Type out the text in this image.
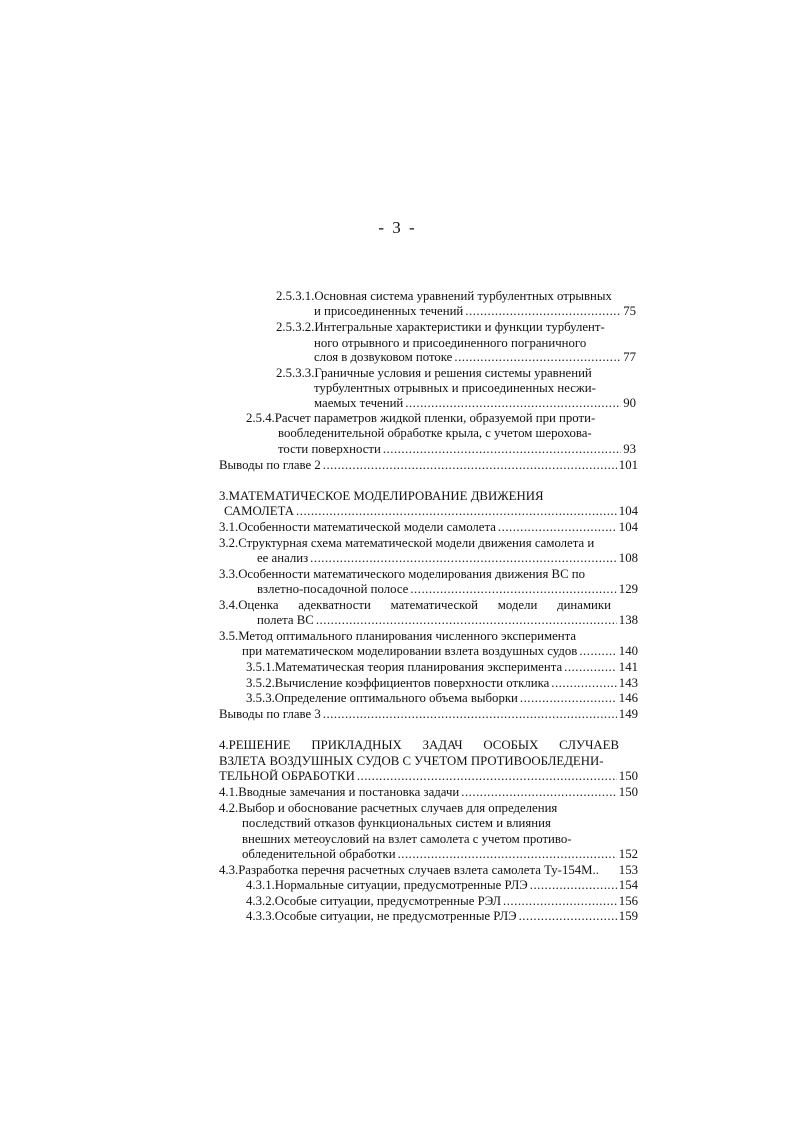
- 3 -
2.5.3.1.Основная система уравнений турбулентных отрывных
и присоединенных течений .....	75
2.5.3.2.Интегральные характеристики и функции турбулент-
ного отрывного и присоединенного пограничного
слоя в дозвуковом потоке .....	77
2.5.3.3.Граничные условия и решения системы уравнений
турбулентных отрывных и присоединенных несжи-
маемых течений .....	90
2.5.4.Расчет параметров жидкой пленки, образуемой при проти-
вообледенительной обработке крыла, с учетом шерохова-
тости поверхности .....	93
Выводы по главе 2 .....	101
3.МАТЕМАТИЧЕСКОЕ МОДЕЛИРОВАНИЕ ДВИЖЕНИЯ
САМОЛЕТА .....	104
3.1.Особенности математической модели самолета .....	104
3.2.Структурная схема математической модели движения самолета и
ее анализ .....	108
3.3.Особенности математического моделирования движения ВС по
взлетно-посадочной полосе .....	129
3.4.Оценка адекватности математической модели динамики
полета ВС .....	138
3.5.Метод оптимального планирования численного эксперимента
при математическом моделировании взлета воздушных судов .....	140
3.5.1.Математическая теория планирования эксперимента .....	141
3.5.2.Вычисление коэффициентов поверхности отклика .....	143
3.5.3.Определение оптимального объема выборки .....	146
Выводы по главе 3 .....	149
4.РЕШЕНИЕ ПРИКЛАДНЫХ ЗАДАЧ ОСОБЫХ СЛУЧАЕВ
ВЗЛЕТА ВОЗДУШНЫХ СУДОВ С УЧЕТОМ ПРОТИВООБЛЕДЕНИ-
ТЕЛЬНОЙ ОБРАБОТКИ .....	150
4.1.Вводные замечания и постановка задачи .....	150
4.2.Выбор и обоснование расчетных случаев для определения
последствий отказов функциональных систем и влияния
внешних метеоусловий на взлет самолета с учетом противо-
обледенительной обработки .....	152
4.3.Разработка перечня расчетных случаев взлета самолета Ту-154М.. 153
4.3.1.Нормальные ситуации, предусмотренные РЛЭ .....	154
4.3.2.Особые ситуации, предусмотренные РЭЛ .....	156
4.3.3.Особые ситуации, не предусмотренные РЛЭ .....	159
